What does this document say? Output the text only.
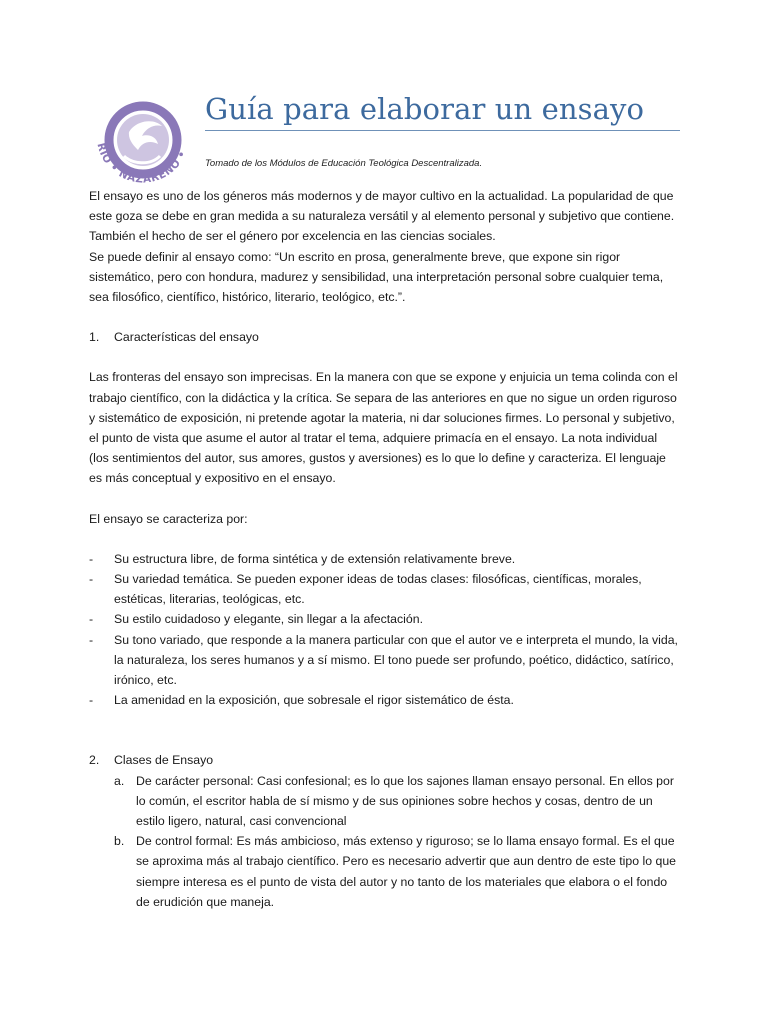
RIO • NAZARENO •
Guía para elaborar un ensayo
Tomado de los Módulos de Educación Teológica Descentralizada.

El ensayo es uno de los géneros más modernos y de mayor cultivo en la actualidad. La popularidad de que este goza se debe en gran medida a su naturaleza versátil y al elemento personal y subjetivo que contiene. También el hecho de ser el género por excelencia en las ciencias sociales.

Se puede definir al ensayo como: “Un escrito en prosa, generalmente breve, que expone sin rigor sistemático, pero con hondura, madurez y sensibilidad, una interpretación personal sobre cualquier tema, sea filosófico, científico, histórico, literario, teológico, etc.”.

1.	Características del ensayo

Las fronteras del ensayo son imprecisas. En la manera con que se expone y enjuicia un tema colinda con el trabajo científico, con la didáctica y la crítica. Se separa de las anteriores en que no sigue un orden riguroso y sistemático de exposición, ni pretende agotar la materia, ni dar soluciones firmes. Lo personal y subjetivo, el punto de vista que asume el autor al tratar el tema, adquiere primacía en el ensayo. La nota individual (los sentimientos del autor, sus amores, gustos y aversiones) es lo que lo define y caracteriza. El lenguaje es más conceptual y expositivo en el ensayo.

El ensayo se caracteriza por:

-	Su estructura libre, de forma sintética y de extensión relativamente breve.
-	Su variedad temática. Se pueden exponer ideas de todas clases: filosóficas, científicas, morales, estéticas, literarias, teológicas, etc.
-	Su estilo cuidadoso y elegante, sin llegar a la afectación.
-	Su tono variado, que responde a la manera particular con que el autor ve e interpreta el mundo, la vida, la naturaleza, los seres humanos y a sí mismo. El tono puede ser profundo, poético, didáctico, satírico, irónico, etc.
-	La amenidad en la exposición, que sobresale el rigor sistemático de ésta.
2.	Clases de Ensayo
a. De carácter personal: Casi confesional; es lo que los sajones llaman ensayo personal. En ellos por lo común, el escritor habla de sí mismo y de sus opiniones sobre hechos y cosas, dentro de un estilo ligero, natural, casi convencional
b. De control formal: Es más ambicioso, más extenso y riguroso; se lo llama ensayo formal. Es el que se aproxima más al trabajo científico. Pero es necesario advertir que aun dentro de este tipo lo que siempre interesa es el punto de vista del autor y no tanto de los materiales que elabora o el fondo de erudición que maneja.
